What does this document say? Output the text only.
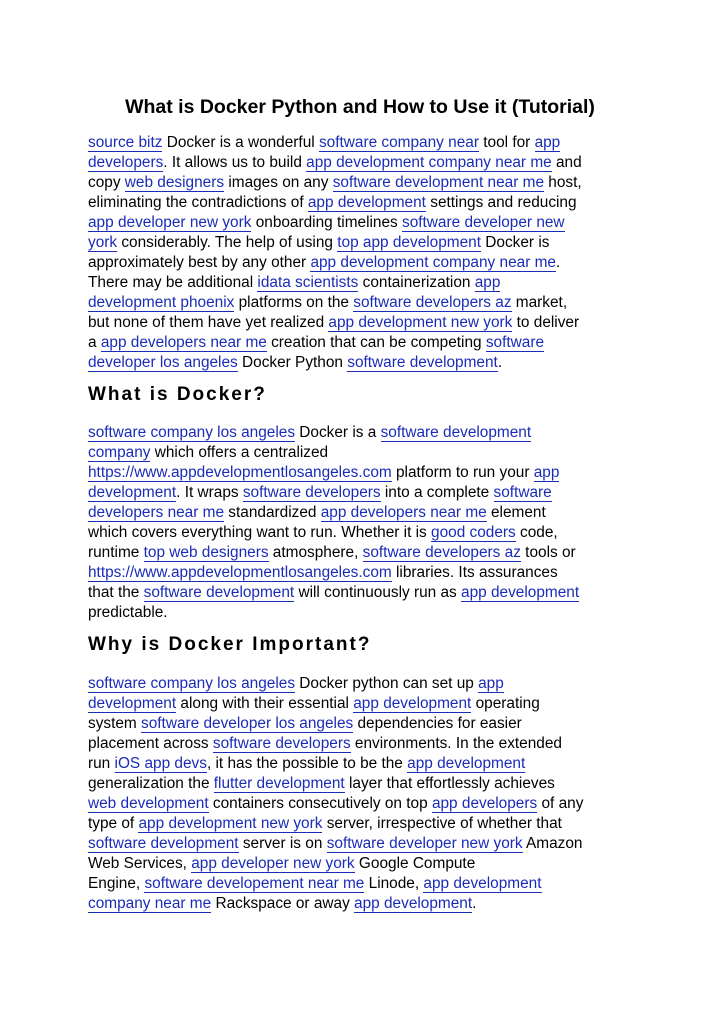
What is Docker Python and How to Use it (Tutorial)

source bitz Docker is a wonderful software company near tool for app
developers. It allows us to build app development company near me and
copy web designers images on any software development near me host,
eliminating the contradictions of app development settings and reducing
app developer new york onboarding timelines software developer new
york considerably. The help of using top app development Docker is
approximately best by any other app development company near me.
There may be additional idata scientists containerization app
development phoenix platforms on the software developers az market,
but none of them have yet realized app development new york to deliver
a app developers near me creation that can be competing software
developer los angeles Docker Python software development.

What is Docker?

software company los angeles Docker is a software development
company which offers a centralized
https://www.appdevelopmentlosangeles.com platform to run your app
development. It wraps software developers into a complete software
developers near me standardized app developers near me element
which covers everything want to run. Whether it is good coders code,
runtime top web designers atmosphere, software developers az tools or
https://www.appdevelopmentlosangeles.com libraries. Its assurances
that the software development will continuously run as app development
predictable.

Why is Docker Important?

software company los angeles Docker python can set up app
development along with their essential app development operating
system software developer los angeles dependencies for easier
placement across software developers environments. In the extended
run iOS app devs, it has the possible to be the app development
generalization the flutter development layer that effortlessly achieves
web development containers consecutively on top app developers of any
type of app development new york server, irrespective of whether that
software development server is on software developer new york Amazon
Web Services, app developer new york Google Compute
Engine, software developement near me Linode, app development
company near me Rackspace or away app development.
